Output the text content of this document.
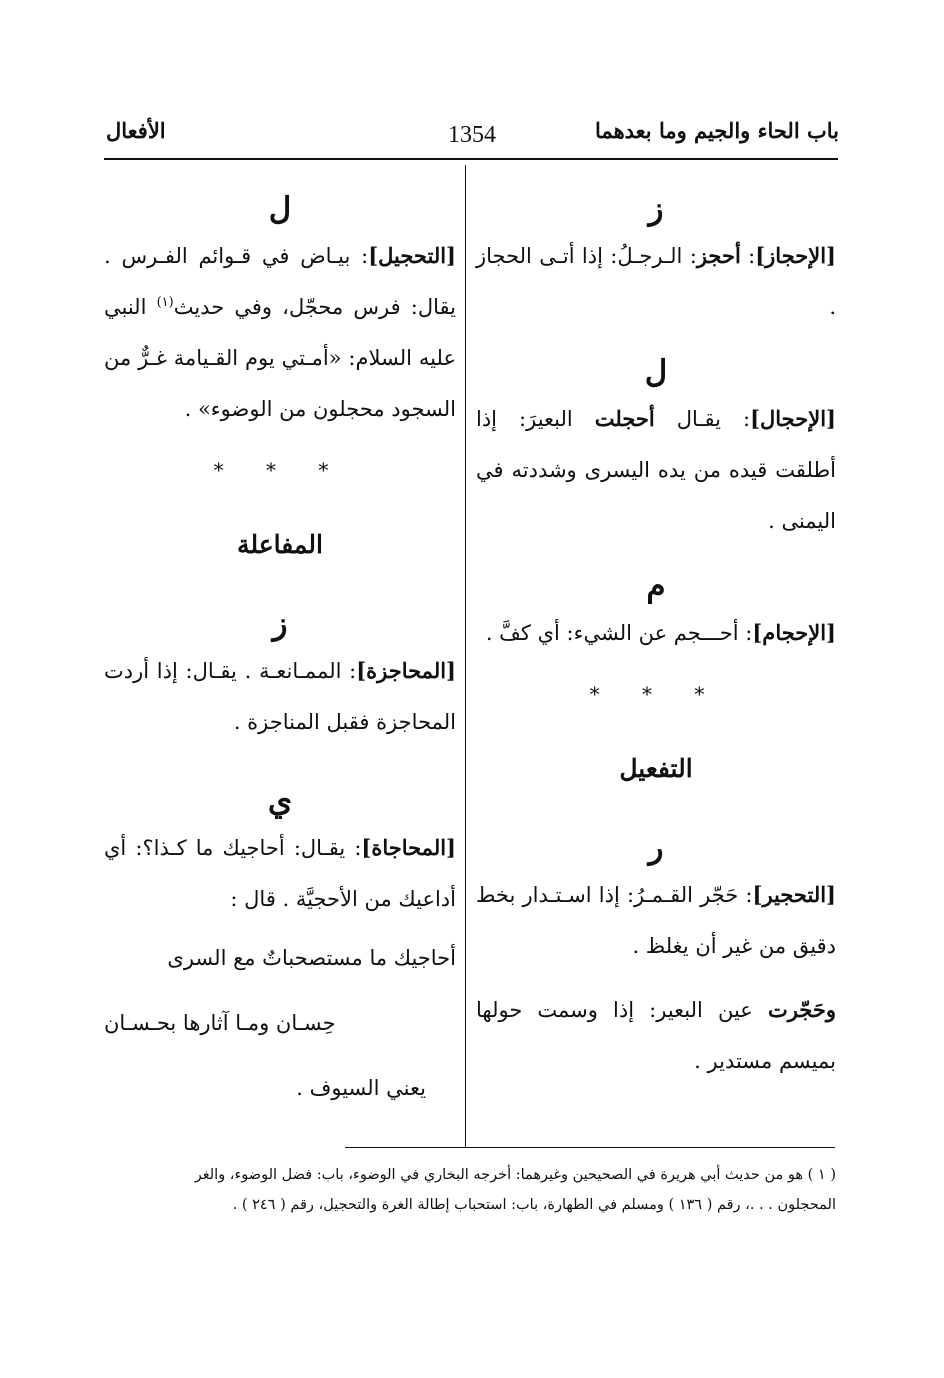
باب الحاء والجيم وما بعدهما
1354
الأفعال
ز

[الإحجاز]: أحجز: الـرجـلُ: إذا أتـى الحجاز .

ل

[الإحجال]: يقـال أحجلت البعيرَ: إذا أطلقت قيده من يده اليسرى وشددته في اليمنى .

م

[الإحجام]: أحـــجم عن الشيء: أي كفَّ .

* * *
التفعيل
ر

[التحجير]: حَجّر القـمـرُ: إذا اسـتـدار بخط دقيق من غير أن يغلظ .

وحَجّرت عين البعير: إذا وسمت حولها بميسم مستدير .

ل

[التحجيل]: بيـاض في قـوائم الفـرس . يقال: فرس محجّل، وفي حديث$^{(١)}$ النبي عليه السلام: «أمـتي يوم القـيامة غـرٌّ من السجود محجلون من الوضوء» .

* * *
المفاعلة
ز

[المحاجزة]: الممـانعـة . يقـال: إذا أردت المحاجزة فقبل المناجزة .

ي

[المحاجاة]: يقـال: أحاجيك ما كـذا؟: أي أداعيك من الأحجيَّة . قال :

أحاجيك ما مستصحباتٌ مع السرى

حِسـان ومـا آثارها بحـسـان

يعني السيوف .

( ١ ) هو من حديث أبي هريرة في الصحيحين وغيرهما: أخرجه البخاري في الوضوء، باب: فضل الوضوء، والغر
المحجلون . . .، رقم ( ١٣٦ ) ومسلم في الطهارة، باب: استحباب إطالة الغرة والتحجيل، رقم ( ٢٤٦ ) .
